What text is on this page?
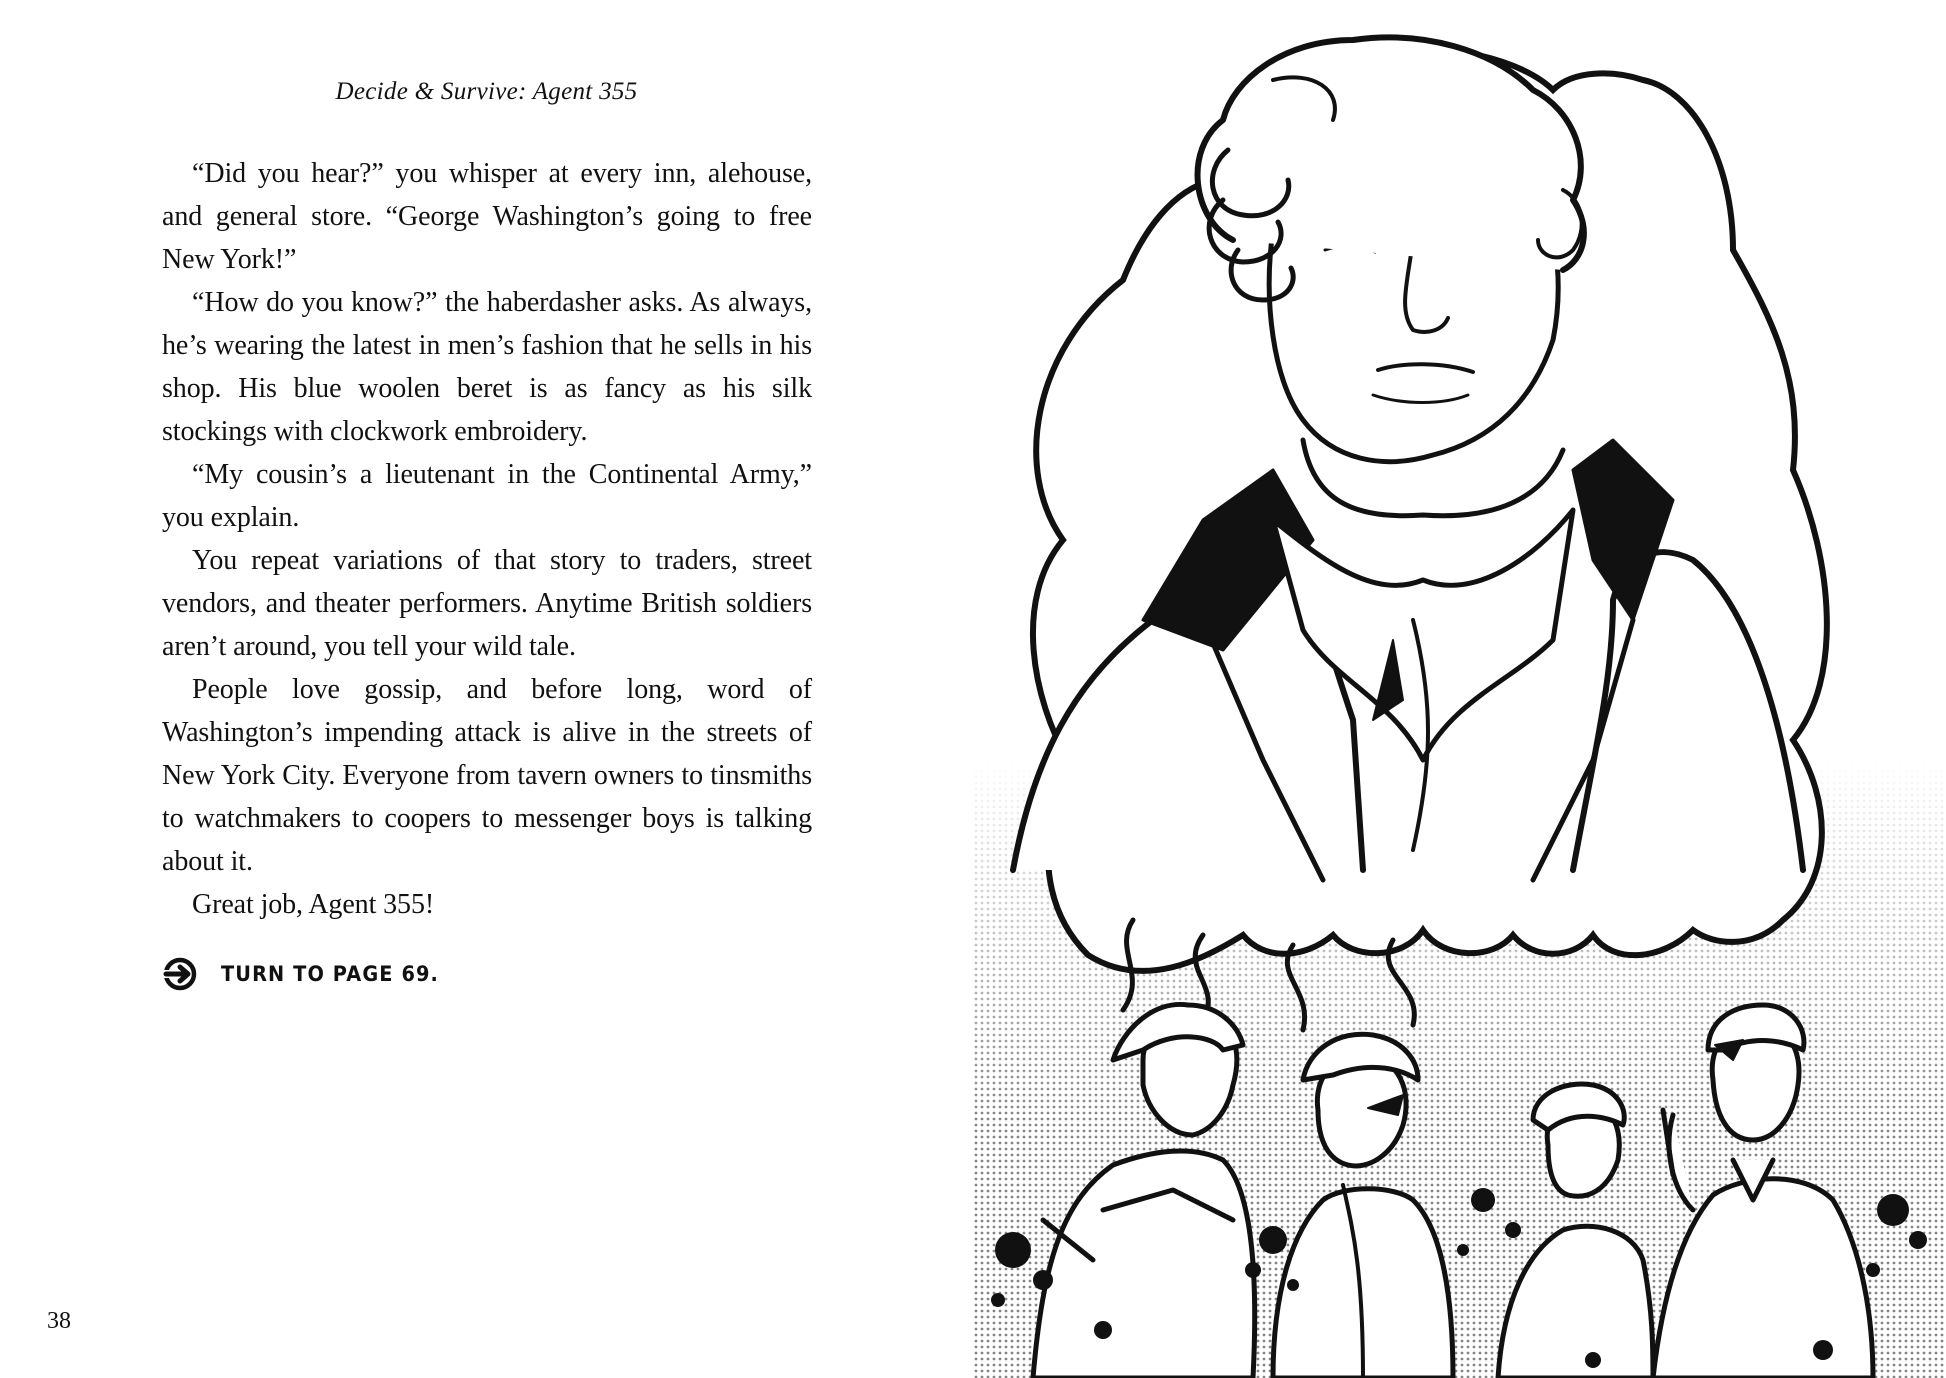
Decide & Survive: Agent 355

“Did you hear?” you whisper at every inn, alehouse, and general store. “George Washington’s going to free New York!”

“How do you know?” the haberdasher asks. As always, he’s wearing the latest in men’s fashion that he sells in his shop. His blue woolen beret is as fancy as his silk stockings with clockwork embroidery.

“My cousin’s a lieutenant in the Continental Army,” you explain.

You repeat variations of that story to traders, street vendors, and theater performers. Anytime British soldiers aren’t around, you tell your wild tale.

People love gossip, and before long, word of Washington’s impending attack is alive in the streets of New York City. Everyone from tavern owners to tinsmiths to watchmakers to coopers to messenger boys is talking about it.

Great job, Agent 355!

TURN TO PAGE 69.
38
